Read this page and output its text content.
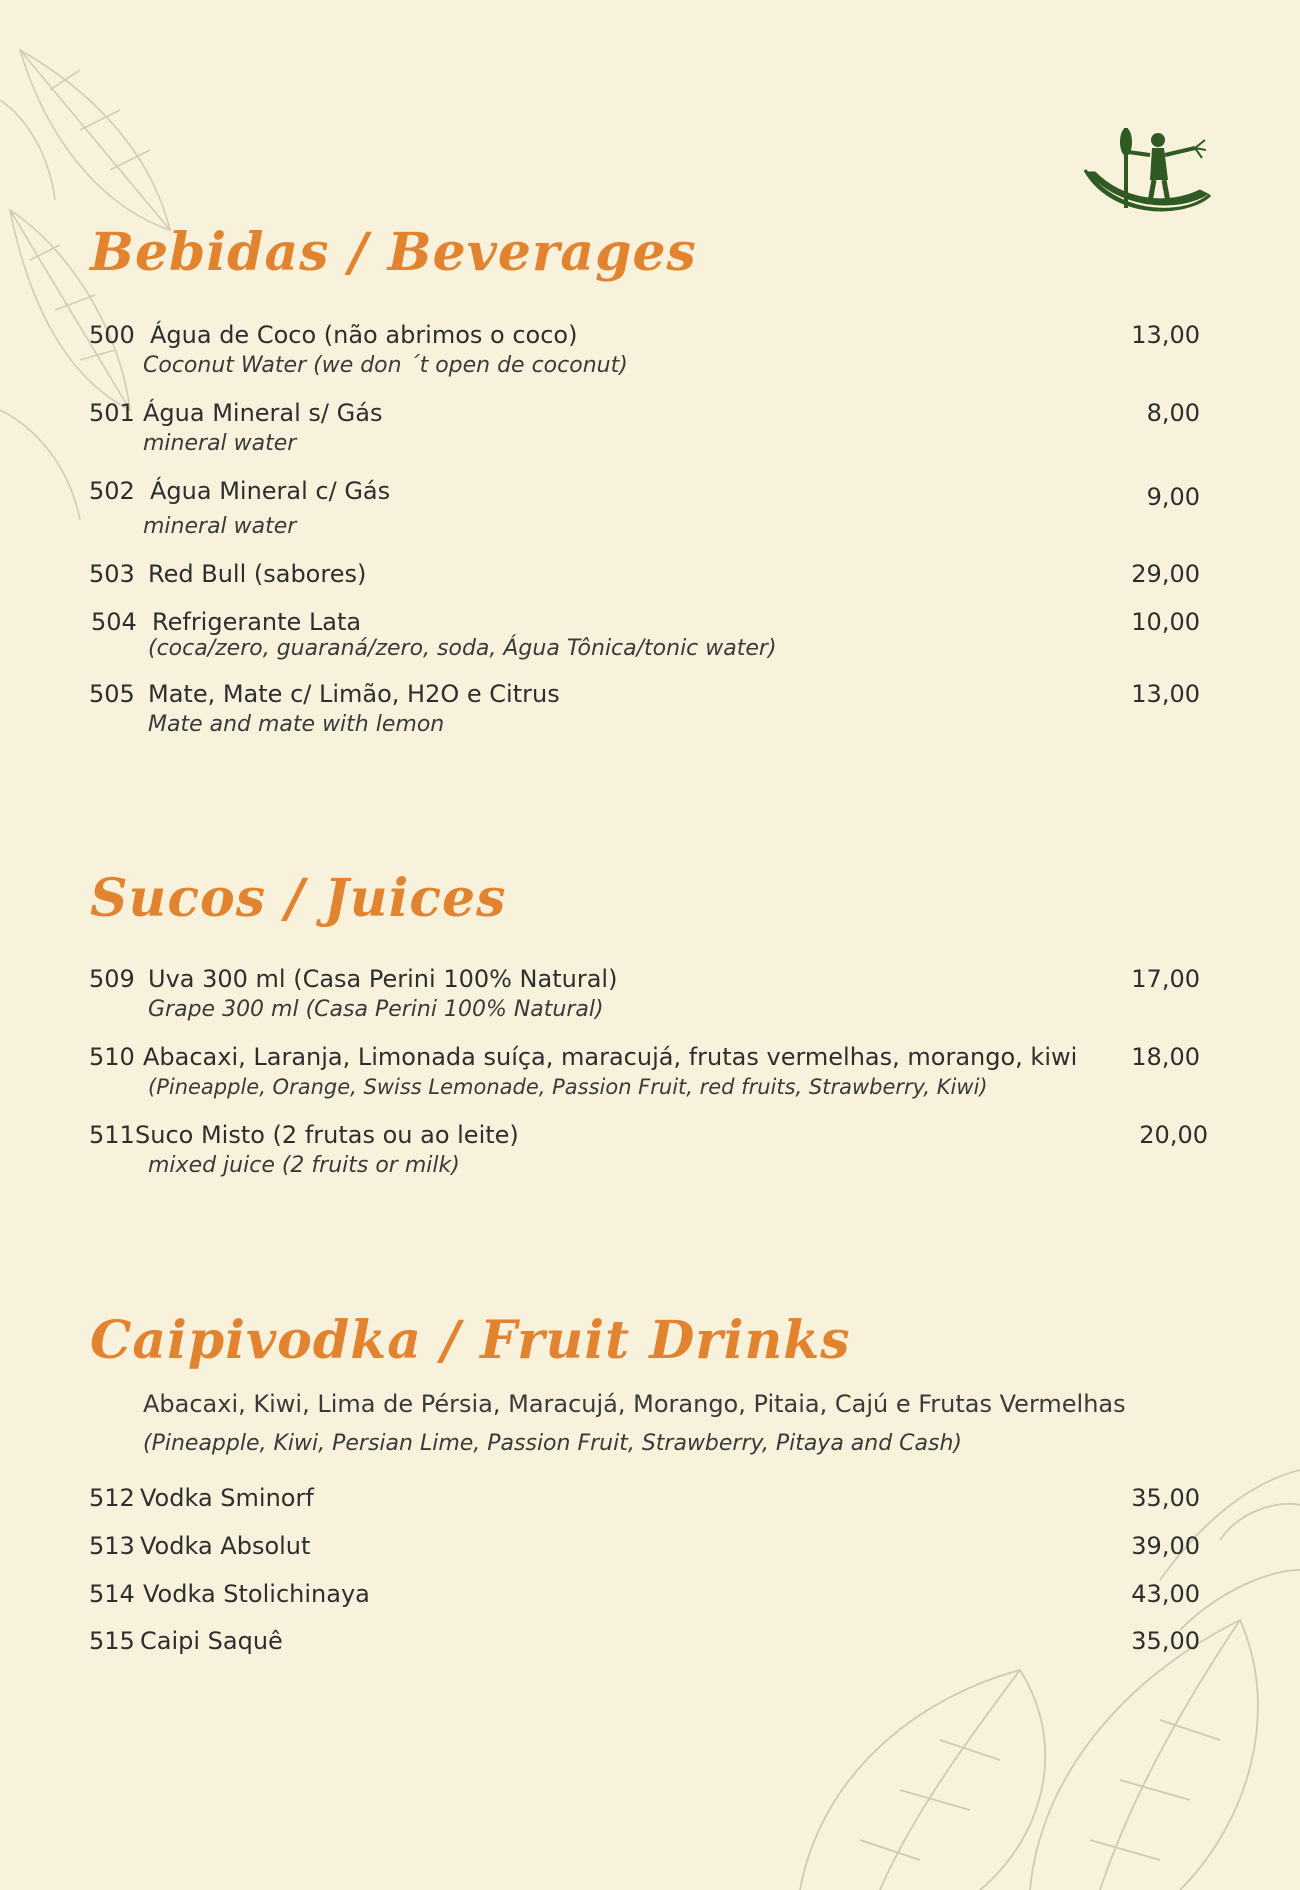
Bebidas / Beverages
500 Água de Coco (não abrimos o coco)	13,00
Coconut Water (we don ´t open de coconut)
501 Água Mineral s/ Gás	8,00
mineral water
502 Água Mineral c/ Gás	9,00
mineral water
503 Red Bull (sabores)	29,00
504 Refrigerante Lata	10,00
(coca/zero, guaraná/zero, soda, Água Tônica/tonic water)
505 Mate, Mate c/ Limão, H2O e Citrus	13,00
Mate and mate with lemon
Sucos / Juices
509 Uva 300 ml (Casa Perini 100% Natural)	17,00
Grape 300 ml (Casa Perini 100% Natural)
510 Abacaxi, Laranja, Limonada suíça, maracujá, frutas vermelhas, morango, kiwi 18,00
(Pineapple, Orange, Swiss Lemonade, Passion Fruit, red fruits, Strawberry, Kiwi)
511 Suco Misto (2 frutas ou ao leite)	20,00
mixed juice (2 fruits or milk)
Caipivodka / Fruit Drinks
Abacaxi, Kiwi, Lima de Pérsia, Maracujá, Morango, Pitaia, Cajú e Frutas Vermelhas
(Pineapple, Kiwi, Persian Lime, Passion Fruit, Strawberry, Pitaya and Cash)
512 Vodka Sminorf	35,00
513 Vodka Absolut	39,00
514 Vodka Stolichinaya	43,00
515 Caipi Saquê	35,00
